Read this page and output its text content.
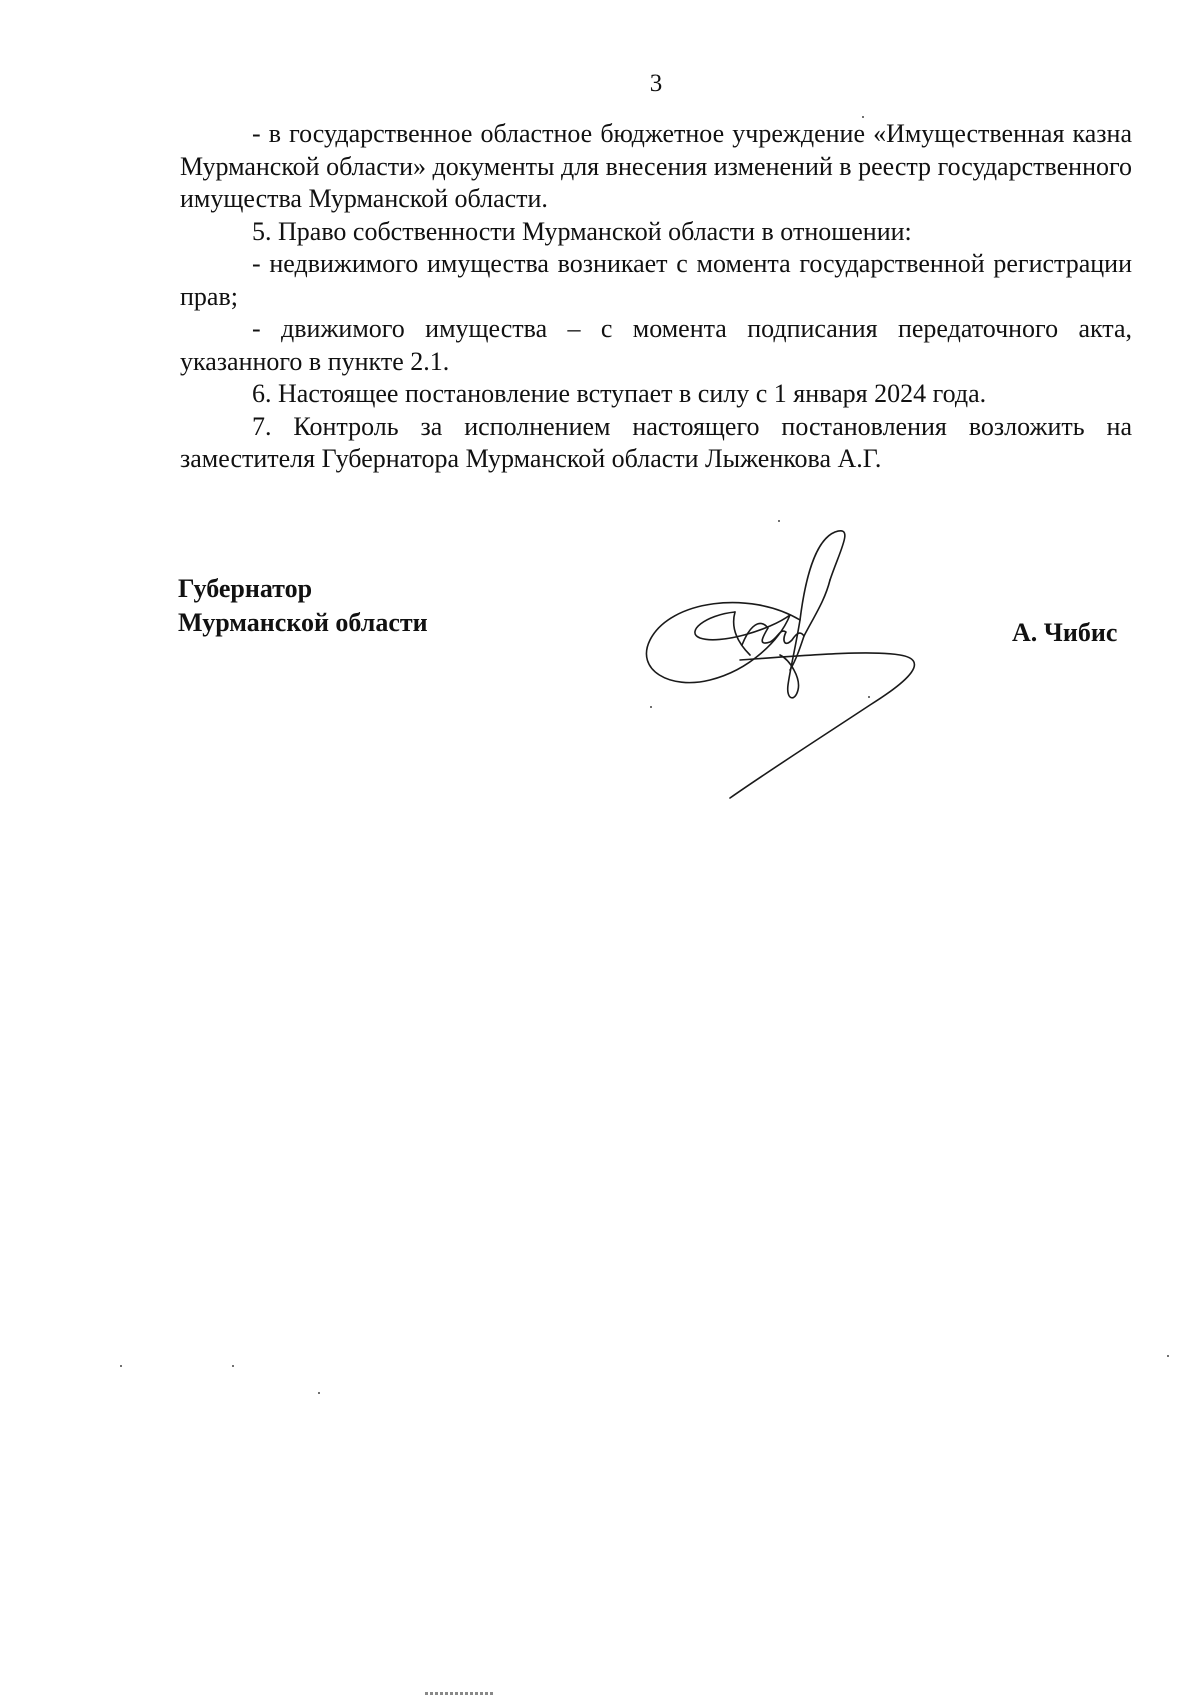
3

- в государственное областное бюджетное учреждение «Имущественная казна Мурманской области» документы для внесения изменений в реестр государственного имущества Мурманской области.

5. Право собственности Мурманской области в отношении:

- недвижимого имущества возникает с момента государственной регистрации прав;

- движимого имущества – с момента подписания передаточного акта, указанного в пункте 2.1.

6. Настоящее постановление вступает в силу с 1 января 2024 года.

7. Контроль за исполнением настоящего постановления возложить на заместителя Губернатора Мурманской области Лыженкова А.Г.

Губернатор
Мурманской области	А. Чибис
